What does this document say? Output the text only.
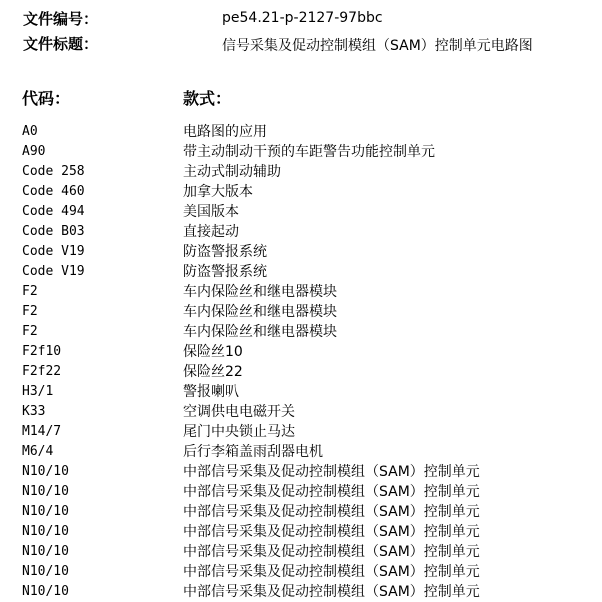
文件编号：	pe54.21-p-2127-97bbc
文件标题：	信号采集及促动控制模组（SAM）控制单元电路图
代码：	款式：
A0	电路图的应用
A90	带主动制动干预的车距警告功能控制单元
Code 258	主动式制动辅助
Code 460	加拿大版本
Code 494	美国版本
Code B03	直接起动
Code V19	防盗警报系统
Code V19	防盗警报系统
F2	车内保险丝和继电器模块
F2	车内保险丝和继电器模块
F2	车内保险丝和继电器模块
F2f10	保险丝10
F2f22	保险丝22
H3/1	警报喇叭
K33	空调供电电磁开关
M14/7	尾门中央锁止马达
M6/4	后行李箱盖雨刮器电机
N10/10	中部信号采集及促动控制模组（SAM）控制单元
N10/10	中部信号采集及促动控制模组（SAM）控制单元
N10/10	中部信号采集及促动控制模组（SAM）控制单元
N10/10	中部信号采集及促动控制模组（SAM）控制单元
N10/10	中部信号采集及促动控制模组（SAM）控制单元
N10/10	中部信号采集及促动控制模组（SAM）控制单元
N10/10	中部信号采集及促动控制模组（SAM）控制单元
